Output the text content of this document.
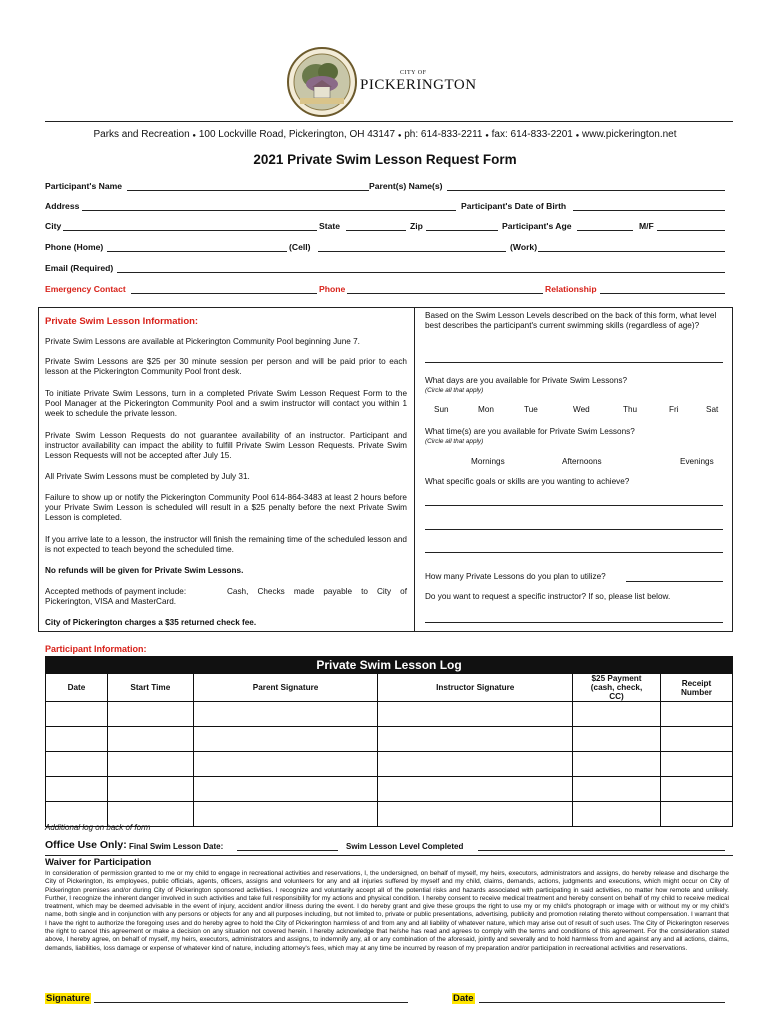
CITY OF
PICKERINGTON
Parks and Recreation ● 100 Lockville Road, Pickerington, OH 43147 ● ph: 614-833-2211 ● fax: 614-833-2201 ● www.pickerington.net
2021 Private Swim Lesson Request Form
Participant's Name	Parent(s) Name(s)
Address	Participant's Date of Birth
City	State	Zip	Participant's Age	M/F
Phone (Home)	(Cell)	(Work)
Email (Required)
Emergency Contact	Phone	Relationship
Private Swim Lesson Information:
Private Swim Lessons are available at Pickerington Community Pool beginning June 7.
Private Swim Lessons are $25 per 30 minute session per person and will be paid prior to each lesson at the Pickerington Community Pool front desk.
To initiate Private Swim Lessons, turn in a completed Private Swim Lesson Request Form to the Pool Manager at the Pickerington Community Pool and a swim instructor will contact you within 1 week to schedule the private lesson.
Private Swim Lesson Requests do not guarantee availability of an instructor. Participant and instructor availability can impact the ability to fulfill Private Swim Lesson Requests. Private Swim Lesson Requests will not be accepted after July 15.
All Private Swim Lessons must be completed by July 31.
Failure to show up or notify the Pickerington Community Pool 614-864-3483 at least 2 hours before your Private Swim Lesson is scheduled will result in a $25 penalty before the next Private Swim Lesson is completed.
If you arrive late to a lesson, the instructor will finish the remaining time of the scheduled lesson and is not expected to teach beyond the scheduled time.
No refunds will be given for Private Swim Lessons.
Accepted methods of payment include:	Cash, Checks made payable to City of Pickerington, VISA and MasterCard.
City of Pickerington charges a $35 returned check fee.
Based on the Swim Lesson Levels described on the back of this form, what level best describes the participant's current swimming skills (regardless of age)?
What days are you available for Private Swim Lessons?
(Circle all that apply)
Sun	Mon	Tue	Wed	Thu	Fri	Sat
What time(s) are you available for Private Swim Lessons?
(Circle all that apply)
Mornings	Afternoons	Evenings
What specific goals or skills are you wanting to achieve?
How many Private Lessons do you plan to utilize?
Do you want to request a specific instructor? If so, please list below.
Participant Information:
Private Swim Lesson Log					
Date	Start Time	Parent Signature	Instructor Signature	$25 Payment (cash, check, CC)	Receipt Number

Additional log on back of form
Office Use Only: Final Swim Lesson Date:	Swim Lesson Level Completed
Waiver for Participation
In consideration of permission granted to me or my child to engage in recreational activities and reservations, I, the undersigned, on behalf of myself, my heirs, executors, administrators and assigns, do hereby release and discharge the City of Pickerington, its employees, public officials, agents, officers, assigns and volunteers for any and all injuries suffered by myself and my child, claims, demands, actions, judgments and executions, which might occur on City of Pickerington premises and/or during City of Pickerington sponsored activities. I recognize and voluntarily accept all of the potential risks and hazards associated with participating in said activities, no matter how remote and unlikely. Further, I recognize the inherent danger involved in such activities and take full responsibility for my actions and physical condition. I hereby consent to receive medical treatment and hereby consent on behalf of my child to receive medical treatment, which may be deemed advisable in the event of injury, accident and/or illness during the event. I do hereby grant and give these groups the right to use my or my child's photograph or image with or without my or my child's name, both single and in conjunction with any persons or objects for any and all purposes including, but not limited to, private or public presentations, advertising, publicity and promotion relating thereto without compensation. I warrant that I have the right to authorize the foregoing uses and do hereby agree to hold the City of Pickerington harmless of and from any and all liability of whatever nature, which may arise out of result of such uses. The City of Pickerington reserves the right to cancel this agreement or make a decision on any situation not covered herein. I hereby acknowledge that he/she has read and agrees to comply with the terms and conditions of this agreement. For the consideration stated above, I hereby agree, on behalf of myself, my heirs, executors, administrators and assigns, to indemnify any, all or any combination of the aforesaid, jointly and severally and to hold harmless from and against any and all actions, claims, demands, liabilities, loss damage or expense of whatever kind of nature, including attorney's fees, which may at any time be incurred by reason of my preparation and/or participation in recreational activities and reservations.
Signature	Date
